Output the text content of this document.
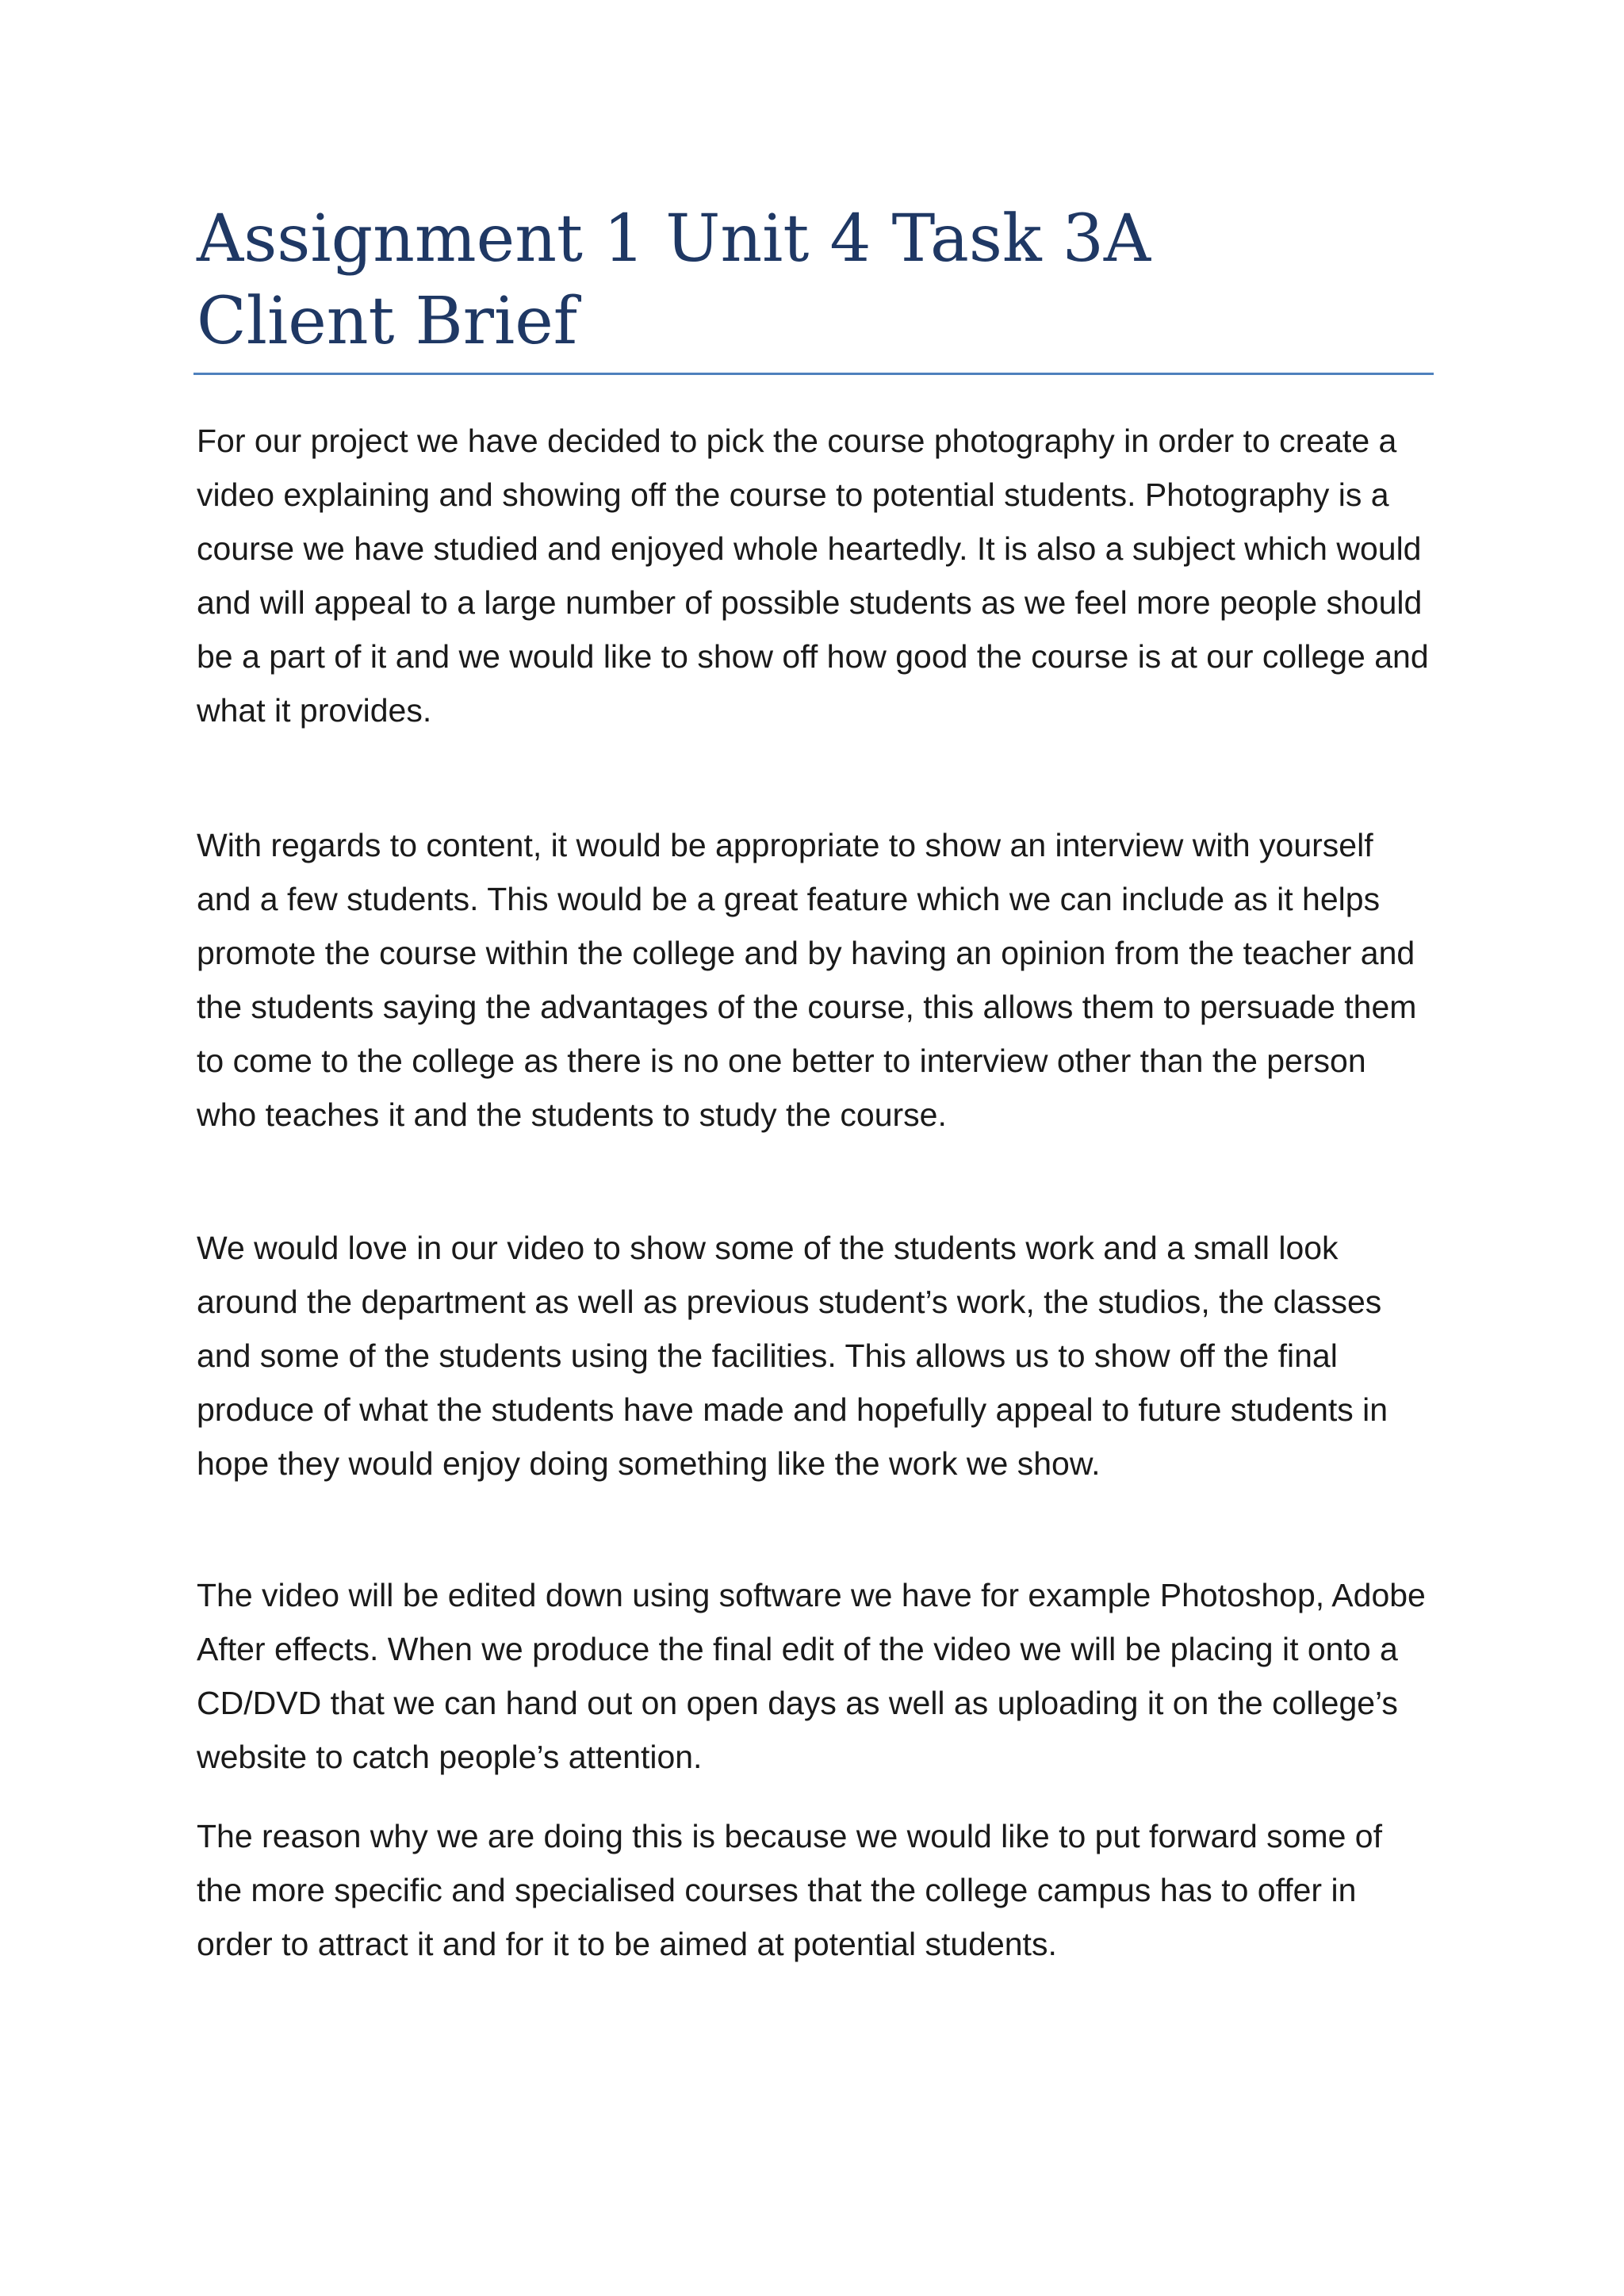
Assignment 1 Unit 4 Task 3A
Client Brief

For our project we have decided to pick the course photography in order to create a video explaining and showing off the course to potential students. Photography is a course we have studied and enjoyed whole heartedly. It is also a subject which would and will appeal to a large number of possible students as we feel more people should be a part of it and we would like to show off how good the course is at our college and what it provides.

With regards to content, it would be appropriate to show an interview with yourself and a few students. This would be a great feature which we can include as it helps promote the course within the college and by having an opinion from the teacher and the students saying the advantages of the course, this allows them to persuade them to come to the college as there is no one better to interview other than the person who teaches it and the students to study the course.

We would love in our video to show some of the students work and a small look around the department as well as previous student’s work, the studios, the classes and some of the students using the facilities. This allows us to show off the final produce of what the students have made and hopefully appeal to future students in hope they would enjoy doing something like the work we show.

The video will be edited down using software we have for example Photoshop, Adobe After effects. When we produce the final edit of the video we will be placing it onto a CD/DVD that we can hand out on open days as well as uploading it on the college’s website to catch people’s attention.

The reason why we are doing this is because we would like to put forward some of the more specific and specialised courses that the college campus has to offer in order to attract it and for it to be aimed at potential students.
